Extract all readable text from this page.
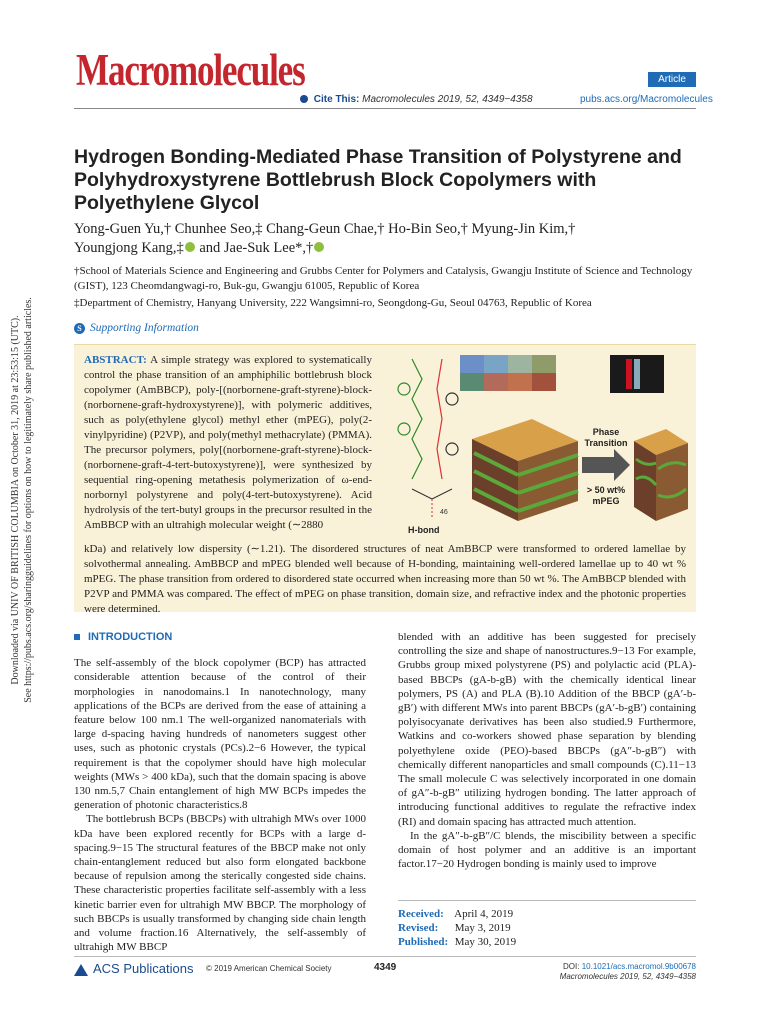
Downloaded via UNIV OF BRITISH COLUMBIA on October 31, 2019 at 23:53:15 (UTC). See https://pubs.acs.org/sharingguidelines for options on how to legitimately share published articles.
Macromolecules	Article
Cite This: Macromolecules 2019, 52, 4349−4358	pubs.acs.org/Macromolecules
Hydrogen Bonding-Mediated Phase Transition of Polystyrene and Polyhydroxystyrene Bottlebrush Block Copolymers with Polyethylene Glycol
Yong-Guen Yu,† Chunhee Seo,‡ Chang-Geun Chae,† Ho-Bin Seo,† Myung-Jin Kim,†
Youngjong Kang,‡ and Jae-Suk Lee*,†

†School of Materials Science and Engineering and Grubbs Center for Polymers and Catalysis, Gwangju Institute of Science and Technology (GIST), 123 Cheomdangwagi-ro, Buk-gu, Gwangju 61005, Republic of Korea

‡Department of Chemistry, Hanyang University, 222 Wangsimni-ro, Seongdong-Gu, Seoul 04763, Republic of Korea

S Supporting Information
ABSTRACT: A simple strategy was explored to systematically control the phase transition of an amphiphilic bottlebrush block copolymer (AmBBCP), poly-[(norbornene-graft-styrene)-block-(norbornene-graft-hydroxystyrene)], with polymeric additives, such as poly(ethylene glycol) methyl ether (mPEG), poly(2-vinylpyridine) (P2VP), and poly(methyl methacrylate) (PMMA). The precursor polymers, poly[(norbornene-graft-styrene)-block-(norbornene-graft-4-tert-butoxystyrene)], were synthesized by sequential ring-opening metathesis polymerization of ω-end-norbornyl polystyrene and poly(4-tert-butoxystyrene). Acid hydrolysis of the tert-butyl groups in the precursor resulted in the AmBBCP with an ultrahigh molecular weight (∼2880
Phase
Transition
> 50 wt%
mPEG
46
H-bond
kDa) and relatively low dispersity (∼1.21). The disordered structures of neat AmBBCP were transformed to ordered lamellae by solvothermal annealing. AmBBCP and mPEG blended well because of H-bonding, maintaining well-ordered lamellae up to 40 wt % mPEG. The phase transition from ordered to disordered state occurred when increasing more than 50 wt %. The AmBBCP blended with P2VP and PMMA was compared. The effect of mPEG on phase transition, domain size, and refractive index and the photonic properties were determined.
INTRODUCTION

The self-assembly of the block copolymer (BCP) has attracted considerable attention because of the control of their morphologies in nanodomains.1 In nanotechnology, many applications of the BCPs are derived from the ease of attaining a feature below 100 nm.1 The well-organized nanomaterials with large d-spacing having hundreds of nanometers suggest other uses, such as photonic crystals (PCs).2−6 However, the typical requirement is that the copolymer should have high molecular weights (MWs > 400 kDa), such that the domain spacing is above 130 nm.5,7 Chain entanglement of high MW BCPs impedes the generation of photonic characteristics.8

The bottlebrush BCPs (BBCPs) with ultrahigh MWs over 1000 kDa have been explored recently for BCPs with a large d-spacing.9−15 The structural features of the BBCP make not only chain-entanglement reduced but also form elongated backbone because of repulsion among the sterically congested side chains. These characteristic properties facilitate self-assembly with a less kinetic barrier even for ultrahigh MW BBCP. The morphology of such BBCPs is usually transformed by changing side chain length and volume fraction.16 Alternatively, the self-assembly of ultrahigh MW BBCP

blended with an additive has been suggested for precisely controlling the size and shape of nanostructures.9−13 For example, Grubbs group mixed polystyrene (PS) and polylactic acid (PLA)-based BBCPs (gA-b-gB) with the chemically identical linear polymers, PS (A) and PLA (B).10 Addition of the BBCP (gA′-b-gB′) with different MWs into parent BBCPs (gA′-b-gB′) containing polyisocyanate derivatives has been also studied.9 Furthermore, Watkins and co-workers showed phase separation by blending polyethylene oxide (PEO)-based BBCPs (gA″-b-gB″) with chemically different nanoparticles and small compounds (C).11−13 The small molecule C was selectively incorporated in one domain of gA″-b-gB″ utilizing hydrogen bonding. The latter approach of introducing functional additives to regulate the refractive index (RI) and domain spacing has attracted much attention.

In the gA″-b-gB″/C blends, the miscibility between a specific domain of host polymer and an additive is an important factor.17−20 Hydrogen bonding is mainly used to improve

Received: April 4, 2019
Revised: May 3, 2019
Published: May 30, 2019
ACS Publications © 2019 American Chemical Society	4349	DOI: 10.1021/acs.macromol.9b00678
Macromolecules 2019, 52, 4349−4358
